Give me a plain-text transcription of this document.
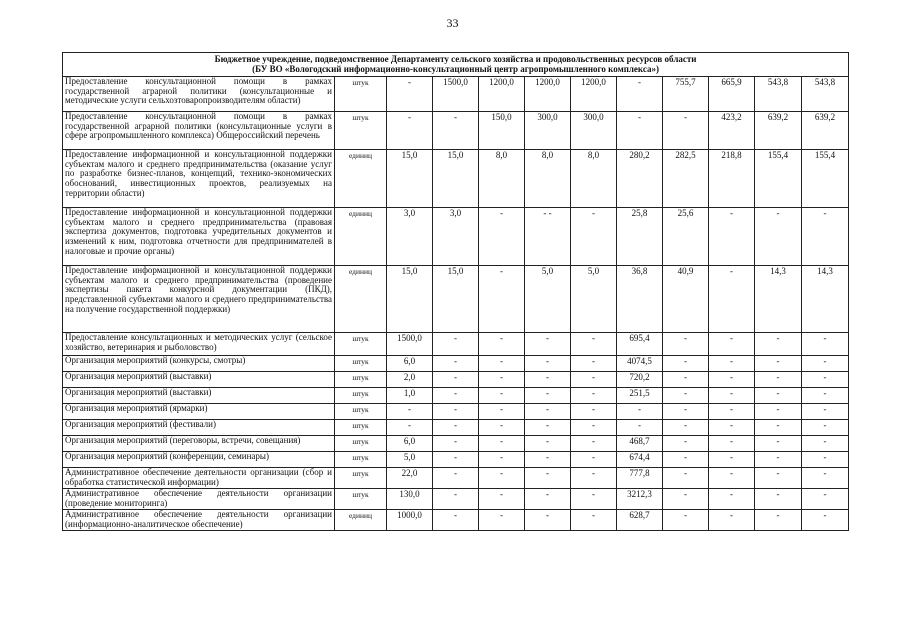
33
Бюджетное учреждение, подведомственное Департаменту сельского хозяйства и продовольственных ресурсов области
(БУ ВО «Вологодский информационно-консультационный центр агропромышленного комплекса»)											

Предоставление консультационной помощи в рамках государственной аграрной политики (консультационные и методические услуги сельхозтоваропроизводителям области)	штук	-	1500,0	1200,0	1200,0	1200,0	-	755,7	665,9	543,8	543,8
Предоставление консультационной помощи в рамках государственной аграрной политики (консультационные услуги в сфере агропромышленного комплекса) Общероссийский перечень	штук	-	-	150,0	300,0	300,0	-	-	423,2	639,2	639,2
Предоставление информационной и консультационной поддержки субъектам малого и среднего предпринимательства (оказание услуг по разработке бизнес-планов, концепций, технико-экономических обоснований, инвестиционных проектов, реализуемых на территории области)	единиц	15,0	15,0	8,0	8,0	8,0	280,2	282,5	218,8	155,4	155,4
Предоставление информационной и консультационной поддержки субъектам малого и среднего предпринимательства (правовая экспертиза документов, подготовка учредительных документов и изменений к ним, подготовка отчетности для предпринимателей в налоговые и прочие органы)	единиц	3,0	3,0	-	- -	-	25,8	25,6	-	-	-
Предоставление информационной и консультационной поддержки субъектам малого и среднего предпринимательства (проведение экспертизы пакета конкурсной документации (ПКД), представленной субъектами малого и среднего предпринимательства на получение государственной поддержки)	единиц	15,0	15,0	-	5,0	5,0	36,8	40,9	-	14,3	14,3
Предоставление консультационных и методических услуг (сельское хозяйство, ветеринария и рыболовство)	штук	1500,0	-	-	-	-	695,4	-	-	-	-
Организация мероприятий (конкурсы, смотры)	штук	6,0	-	-	-	-	4074,5	-	-	-	-
Организация мероприятий (выставки)	штук	2,0	-	-	-	-	720,2	-	-	-	-
Организация мероприятий (выставки)	штук	1,0	-	-	-	-	251,5	-	-	-	-
Организация мероприятий (ярмарки)	штук	-	-	-	-	-	-	-	-	-	-
Организация мероприятий (фестивали)	штук	-	-	-	-	-	-	-	-	-	-
Организация мероприятий (переговоры, встречи, совещания)	штук	6,0	-	-	-	-	468,7	-	-	-	-
Организация мероприятий (конференции, семинары)	штук	5,0	-	-	-	-	674,4	-	-	-	-
Административное обеспечение деятельности организации (сбор и обработка статистической информации)	штук	22,0	-	-	-	-	777,8	-	-	-	-
Административное обеспечение деятельности организации (проведение мониторинга)	штук	130,0	-	-	-	-	3212,3	-	-	-	-
Административное обеспечение деятельности организации (информационно-аналитическое обеспечение)	единиц	1000,0	-	-	-	-	628,7	-	-	-	-
